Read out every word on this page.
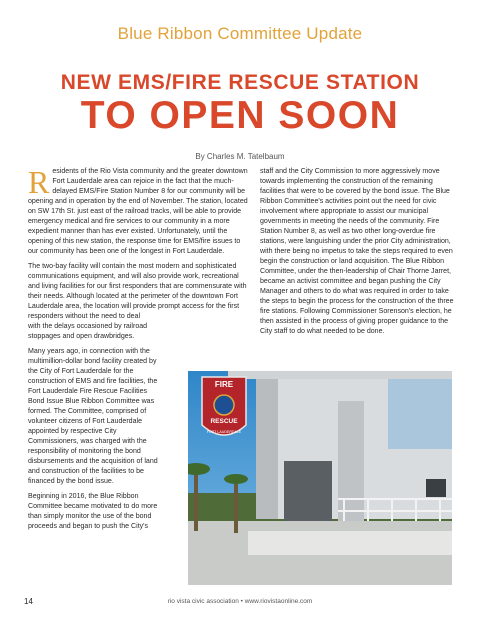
Blue Ribbon Committee Update
NEW EMS/FIRE RESCUE STATION
TO OPEN SOON
By Charles M. Tatelbaum

Residents of the Rio Vista community and the greater downtown Fort Lauderdale area can rejoice in the fact that the much-delayed EMS/Fire Station Number 8 for our community will be opening and in operation by the end of November. The station, located on SW 17th St. just east of the railroad tracks, will be able to provide emergency medical and fire services to our community in a more expedient manner than has ever existed. Unfortunately, until the opening of this new station, the response time for EMS/fire issues to our community has been one of the longest in Fort Lauderdale.

The two-bay facility will contain the most modern and sophisticated communications equipment, and will also provide work, recreational and living facilities for our first responders that are commensurate with their needs. Although located at the perimeter of the downtown Fort Lauderdale area, the location will provide prompt access for the first responders without the need to deal

with the delays occasioned by railroad stoppages and open drawbridges.

Many years ago, in connection with the multimillion-dollar bond facility created by the City of Fort Lauderdale for the construction of EMS and fire facilities, the Fort Lauderdale Fire Rescue Facilities Bond Issue Blue Ribbon Committee was formed. The Committee, comprised of volunteer citizens of Fort Lauderdale appointed by respective City Commissioners, was charged with the responsibility of monitoring the bond disbursements and the acquisition of land and construction of the facilities to be financed by the bond issue.

Beginning in 2016, the Blue Ribbon Committee became motivated to do more than simply monitor the use of the bond proceeds and began to push the City's

staff and the City Commission to more aggressively move towards implementing the construction of the remaining facilities that were to be covered by the bond issue. The Blue Ribbon Committee's activities point out the need for civic involvement where appropriate to assist our municipal governments in meeting the needs of the community. Fire Station Number 8, as well as two other long-overdue fire stations, were languishing under the prior City administration, with there being no impetus to take the steps required to even begin the construction or land acquisition. The Blue Ribbon Committee, under the then-leadership of Chair Thorne Jarret, became an activist committee and began pushing the City Manager and others to do what was required in order to take the steps to begin the process for the construction of the three fire stations. Following Commissioner Sorenson's election, he then assisted in the process of giving proper guidance to the City staff to do what needed to be done.

FIRE
RESCUE
FORT LAUDERDALE
14	rio vista civic association • www.riovistaonline.com
